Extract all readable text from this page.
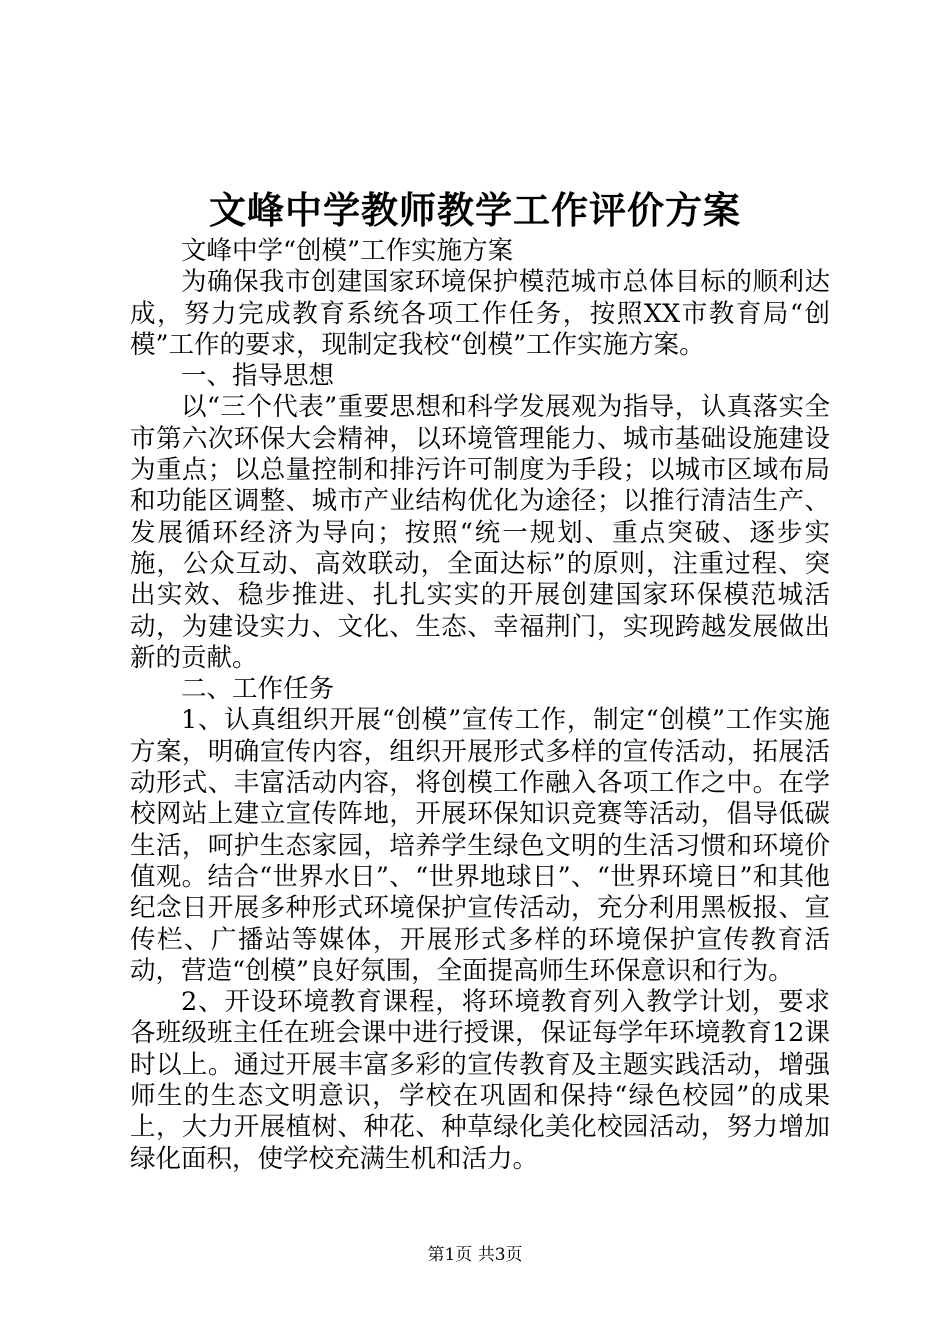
文峰中学教师教学工作评价方案

文峰中学“创模”工作实施方案

为确保我市创建国家环境保护模范城市总体目标的顺利达成，努力完成教育系统各项工作任务，按照XX市教育局“创模”工作的要求，现制定我校“创模”工作实施方案。

一、指导思想

以“三个代表”重要思想和科学发展观为指导，认真落实全市第六次环保大会精神，以环境管理能力、城市基础设施建设为重点；以总量控制和排污许可制度为手段；以城市区域布局和功能区调整、城市产业结构优化为途径；以推行清洁生产、发展循环经济为导向；按照“统一规划、重点突破、逐步实施，公众互动、高效联动，全面达标”的原则，注重过程、突出实效、稳步推进、扎扎实实的开展创建国家环保模范城活动，为建设实力、文化、生态、幸福荆门，实现跨越发展做出新的贡献。

二、工作任务

1、认真组织开展“创模”宣传工作，制定“创模”工作实施方案，明确宣传内容，组织开展形式多样的宣传活动，拓展活动形式、丰富活动内容，将创模工作融入各项工作之中。在学校网站上建立宣传阵地，开展环保知识竞赛等活动，倡导低碳生活，呵护生态家园，培养学生绿色文明的生活习惯和环境价值观。结合“世界水日”、“世界地球日”、“世界环境日”和其他纪念日开展多种形式环境保护宣传活动，充分利用黑板报、宣传栏、广播站等媒体，开展形式多样的环境保护宣传教育活动，营造“创模”良好氛围，全面提高师生环保意识和行为。

2、开设环境教育课程，将环境教育列入教学计划，要求各班级班主任在班会课中进行授课，保证每学年环境教育12课时以上。通过开展丰富多彩的宣传教育及主题实践活动，增强师生的生态文明意识，学校在巩固和保持“绿色校园”的成果上，大力开展植树、种花、种草绿化美化校园活动，努力增加绿化面积，使学校充满生机和活力。

第1页 共3页
